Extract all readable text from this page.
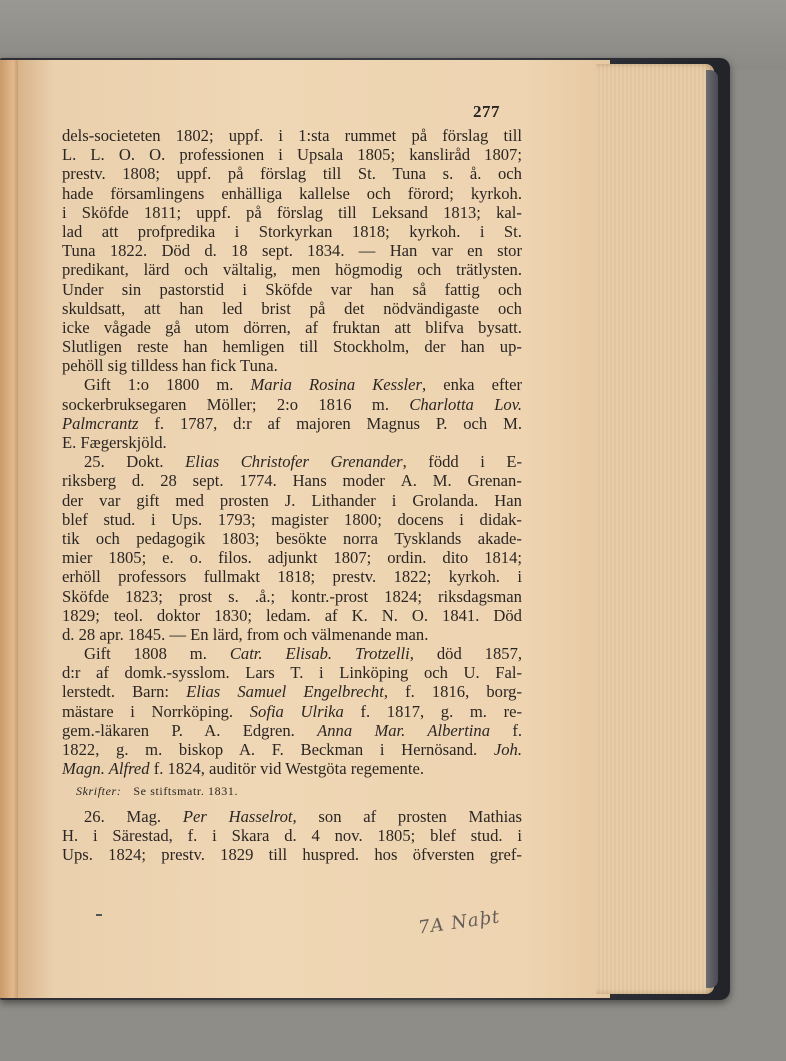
277
dels-societeten 1802; uppf. i 1:sta rummet på förslag till
L. L. O. O. professionen i Upsala 1805; kansliråd 1807;
prestv. 1808; uppf. på förslag till St. Tuna s. å. och
hade församlingens enhälliga kallelse och förord; kyrkoh.
i Sköfde 1811; uppf. på förslag till Leksand 1813; kal-
lad att profpredika i Storkyrkan 1818; kyrkoh. i St.
Tuna 1822. Död d. 18 sept. 1834. — Han var en stor
predikant, lärd och vältalig, men högmodig och trätlysten.
Under sin pastorstid i Sköfde var han så fattig och
skuldsatt, att han led brist på det nödvändigaste och
icke vågade gå utom dörren, af fruktan att blifva bysatt.
Slutligen reste han hemligen till Stockholm, der han up-
pehöll sig tilldess han fick Tuna.
Gift 1:o 1800 m. Maria Rosina Kessler, enka efter
sockerbruksegaren Möller; 2:o 1816 m. Charlotta Lov.
Palmcrantz f. 1787, d:r af majoren Magnus P. och M.
E. Fægerskjöld.
25. Dokt. Elias Christofer Grenander, född i E-
riksberg d. 28 sept. 1774. Hans moder A. M. Grenan-
der var gift med prosten J. Lithander i Grolanda. Han
blef stud. i Ups. 1793; magister 1800; docens i didak-
tik och pedagogik 1803; besökte norra Tysklands akade-
mier 1805; e. o. filos. adjunkt 1807; ordin. dito 1814;
erhöll professors fullmakt 1818; prestv. 1822; kyrkoh. i
Sköfde 1823; prost s. .å.; kontr.-prost 1824; riksdagsman
1829; teol. doktor 1830; ledam. af K. N. O. 1841. Död
d. 28 apr. 1845. — En lärd, from och välmenande man.
Gift 1808 m. Catr. Elisab. Trotzelli, död 1857,
d:r af domk.-sysslom. Lars T. i Linköping och U. Fal-
lerstedt. Barn: Elias Samuel Engelbrecht, f. 1816, borg-
mästare i Norrköping. Sofia Ulrika f. 1817, g. m. re-
gem.-läkaren P. A. Edgren. Anna Mar. Albertina f.
1822, g. m. biskop A. F. Beckman i Hernösand. Joh.
Magn. Alfred f. 1824, auditör vid Westgöta regemente.
Skrifter: Se stiftsmatr. 1831.
26. Mag. Per Hasselrot, son af prosten Mathias
H. i Särestad, f. i Skara d. 4 nov. 1805; blef stud. i
Ups. 1824; prestv. 1829 till huspred. hos öfversten gref-
7A Naþt
